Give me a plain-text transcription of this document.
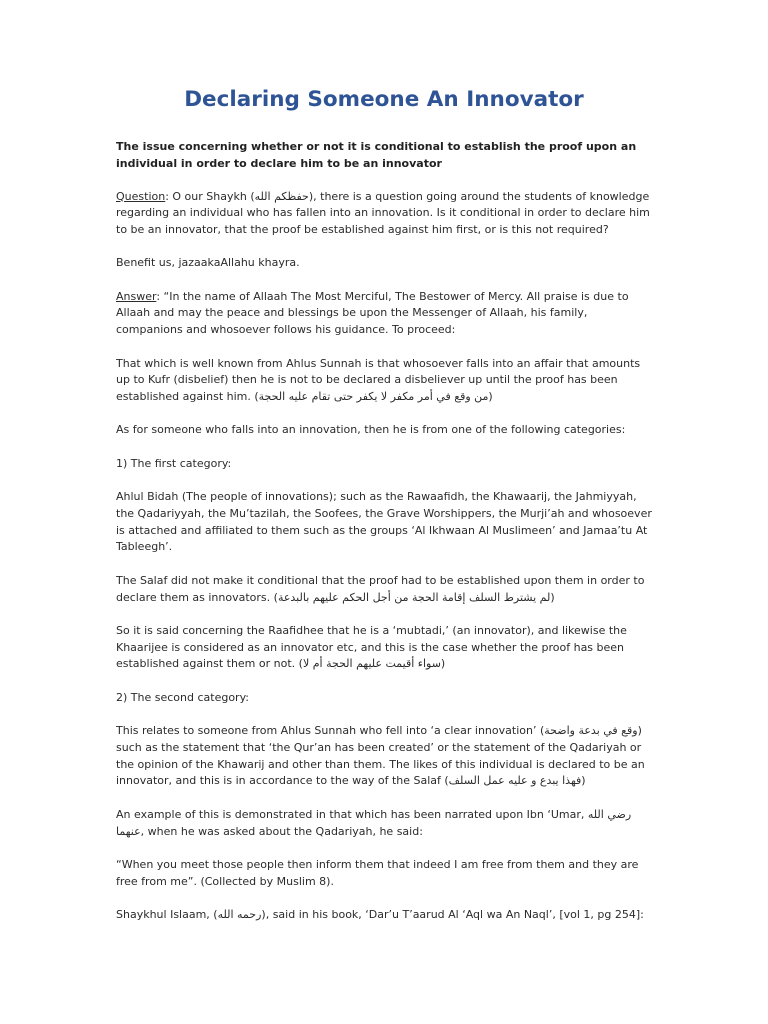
Declaring Someone An Innovator

The issue concerning whether or not it is conditional to establish the proof upon an individual in order to declare him to be an innovator

Question: O our Shaykh (حفظكم الله), there is a question going around the students of knowledge regarding an individual who has fallen into an innovation. Is it conditional in order to declare him to be an innovator, that the proof be established against him first, or is this not required?

Benefit us, jazaakaAllahu khayra.

Answer: “In the name of Allaah The Most Merciful, The Bestower of Mercy. All praise is due to Allaah and may the peace and blessings be upon the Messenger of Allaah, his family, companions and whosoever follows his guidance. To proceed:

That which is well known from Ahlus Sunnah is that whosoever falls into an affair that amounts up to Kufr (disbelief) then he is not to be declared a disbeliever up until the proof has been established against him. (من وقع في أمر مكفر لا يكفر حتى تقام عليه الحجة)

As for someone who falls into an innovation, then he is from one of the following categories:

1) The first category:

Ahlul Bidah (The people of innovations); such as the Rawaafidh, the Khawaarij, the Jahmiyyah, the Qadariyyah, the Mu’tazilah, the Soofees, the Grave Worshippers, the Murji’ah and whosoever is attached and affiliated to them such as the groups ‘Al Ikhwaan Al Muslimeen’ and Jamaa’tu At Tableegh’.

The Salaf did not make it conditional that the proof had to be established upon them in order to declare them as innovators. (لم يشترط السلف إقامة الحجة من أجل الحكم عليهم بالبدعة)

So it is said concerning the Raafidhee that he is a ‘mubtadi,’ (an innovator), and likewise the Khaarijee is considered as an innovator etc, and this is the case whether the proof has been established against them or not. (سواء أقيمت عليهم الحجة أم لا)

2) The second category:

This relates to someone from Ahlus Sunnah who fell into ‘a clear innovation’ (وقع في بدعة واضحة) such as the statement that ‘the Qur’an has been created’ or the statement of the Qadariyah or the opinion of the Khawarij and other than them. The likes of this individual is declared to be an innovator, and this is in accordance to the way of the Salaf (فهذا يبدع و عليه عمل السلف)

An example of this is demonstrated in that which has been narrated upon Ibn ‘Umar, رضي الله عنهما, when he was asked about the Qadariyah, he said:

“When you meet those people then inform them that indeed I am free from them and they are free from me”. (Collected by Muslim 8).

Shaykhul Islaam, (رحمه الله), said in his book, ‘Dar’u T’aarud Al ‘Aql wa An Naql’, [vol 1, pg 254]:
